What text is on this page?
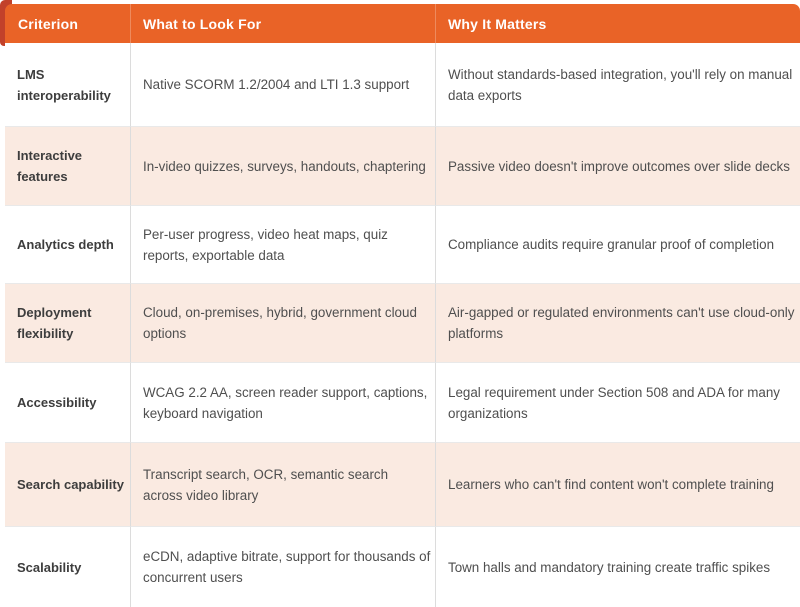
Criterion	What to Look For	Why It Matters
LMS interoperability	Native SCORM 1.2/2004 and LTI 1.3 support	Without standards-based integration, you'll rely on manual data exports
Interactive features	In-video quizzes, surveys, handouts, chaptering	Passive video doesn't improve outcomes over slide decks
Analytics depth	Per-user progress, video heat maps, quiz reports, exportable data	Compliance audits require granular proof of completion
Deployment flexibility	Cloud, on-premises, hybrid, government cloud options	Air-gapped or regulated environments can't use cloud-only platforms
Accessibility	WCAG 2.2 AA, screen reader support, captions, keyboard navigation	Legal requirement under Section 508 and ADA for many organizations
Search capability	Transcript search, OCR, semantic search across video library	Learners who can't find content won't complete training
Scalability	eCDN, adaptive bitrate, support for thousands of concurrent users	Town halls and mandatory training create traffic spikes
